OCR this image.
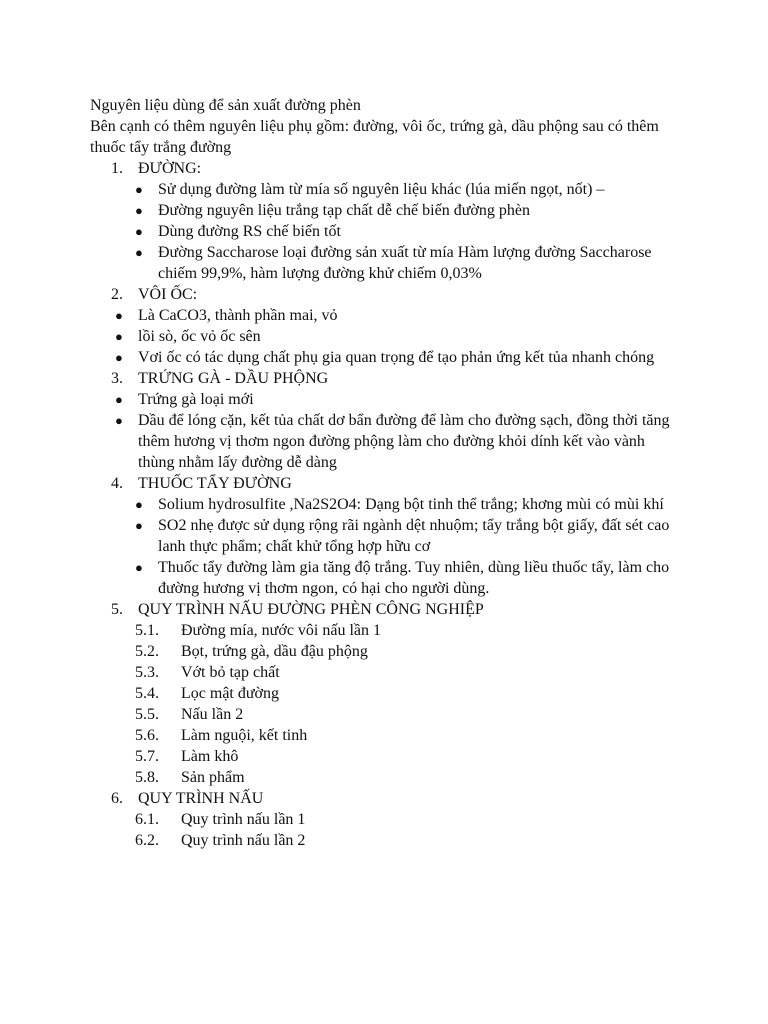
Nguyên liệu dùng để sản xuất đường phèn

Bên cạnh có thêm nguyên liệu phụ gồm: đường, vôi ốc, trứng gà, dầu phộng sau có thêm thuốc tẩy trắng đường

1. ĐƯỜNG:

● Sử dụng đường làm từ mía số nguyên liệu khác (lúa miến ngọt, nốt) –

● Đường nguyên liệu trắng tạp chất dễ chế biến đường phèn

● Dùng đường RS chế biến tốt

● Đường Saccharose loại đường sản xuất từ mía Hàm lượng đường Saccharose chiếm 99,9%, hàm lượng đường khử chiếm 0,03%

2. VÔI ỐC:

● Là CaCO3, thành phần mai, vỏ

● lồi sò, ốc vỏ ốc sên

● Vơi ốc có tác dụng chất phụ gia quan trọng để tạo phản ứng kết tủa nhanh chóng

3. TRỨNG GÀ - DẦU PHỘNG

● Trứng gà loại mới

● Dầu để lóng cặn, kết tủa chất dơ bẩn đường để làm cho đường sạch, đồng thời tăng thêm hương vị thơm ngon đường phộng làm cho đường khỏi dính kết vào vành thùng nhằm lấy đường dễ dàng

4. THUỐC TẨY ĐƯỜNG

● Solium hydrosulfite ,Na2S2O4: Dạng bột tinh thể trắng; khơng mùi có mùi khí

● SO2 nhẹ được sử dụng rộng rãi ngành dệt nhuộm; tẩy trắng bột giấy, đất sét cao lanh thực phẩm; chất khử tổng hợp hữu cơ

● Thuốc tẩy đường làm gia tăng độ trắng. Tuy nhiên, dùng liều thuốc tẩy, làm cho đường hương vị thơm ngon, có hại cho người dùng.

5. QUY TRÌNH NẤU ĐƯỜNG PHÈN CÔNG NGHIỆP

5.1.	Đường mía, nước vôi nấu lần 1

5.2.	Bọt, trứng gà, dầu đậu phộng

5.3.	Vớt bỏ tạp chất

5.4.	Lọc mật đường

5.5.	Nấu lần 2

5.6.	Làm nguội, kết tinh

5.7.	Làm khô

5.8.	Sản phẩm

6. QUY TRÌNH NẤU

6.1.	Quy trình nấu lần 1

6.2.	Quy trình nấu lần 2
